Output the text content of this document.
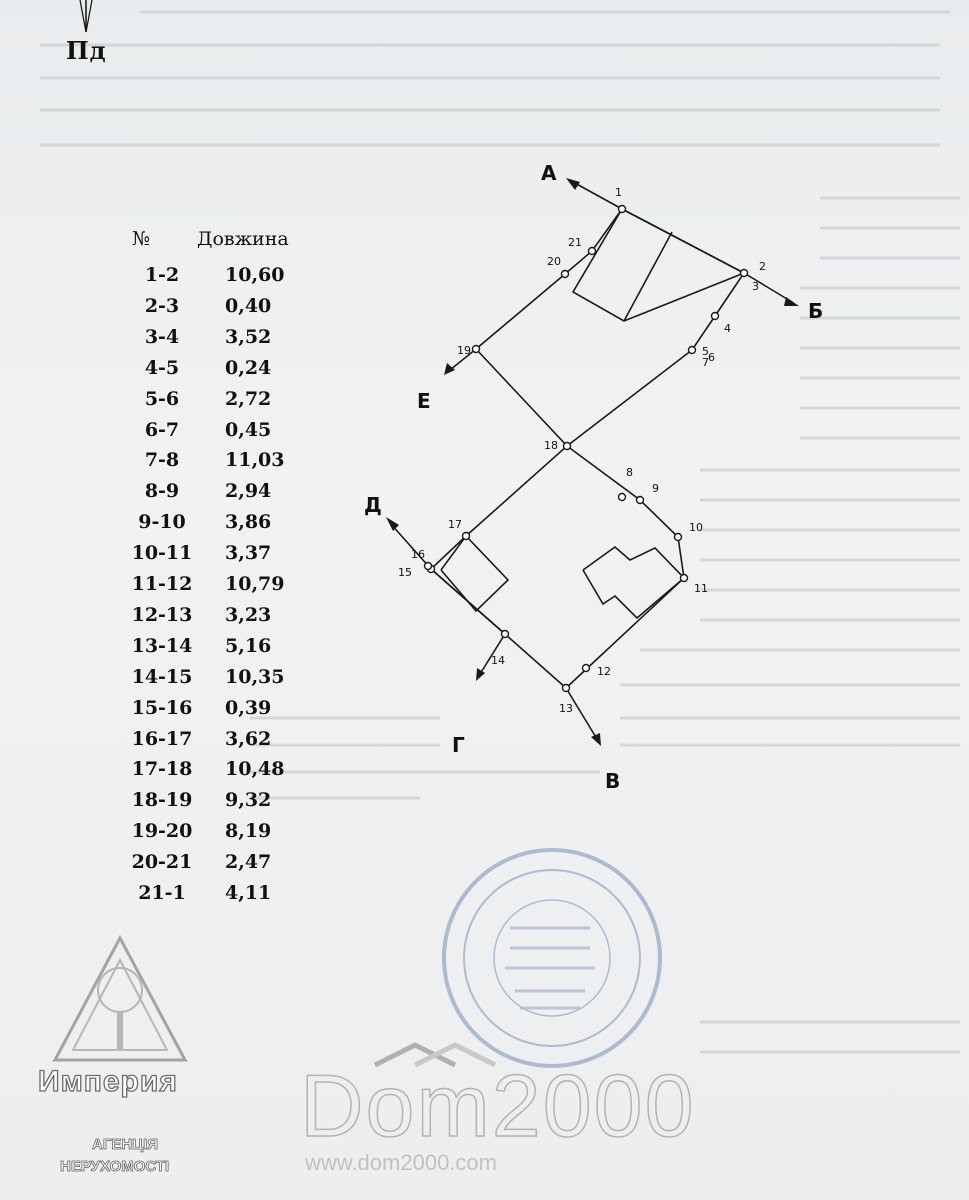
Пд
№ Довжина
1-2	10,60
2-3	0,40
3-4	3,52
4-5	0,24
5-6	2,72
6-7	0,45
7-8	11,03
8-9	2,94
9-10	3,86
10-11	3,37
11-12	10,79
12-13	3,23
13-14	5,16
14-15	10,35
15-16	0,39
16-17	3,62
17-18	10,48
18-19	9,32
19-20	8,19
20-21	2,47
21-1	4,11
А
Б
В
Г
Д
Е
1
2
3
4
5 6
7
8
9
10
11
12
13
14
15
16
17
18
19
20
21
Империя
АГЕНЦІЯ
НЕРУХОМОСТІ
Dom2000
www.dom2000.com
